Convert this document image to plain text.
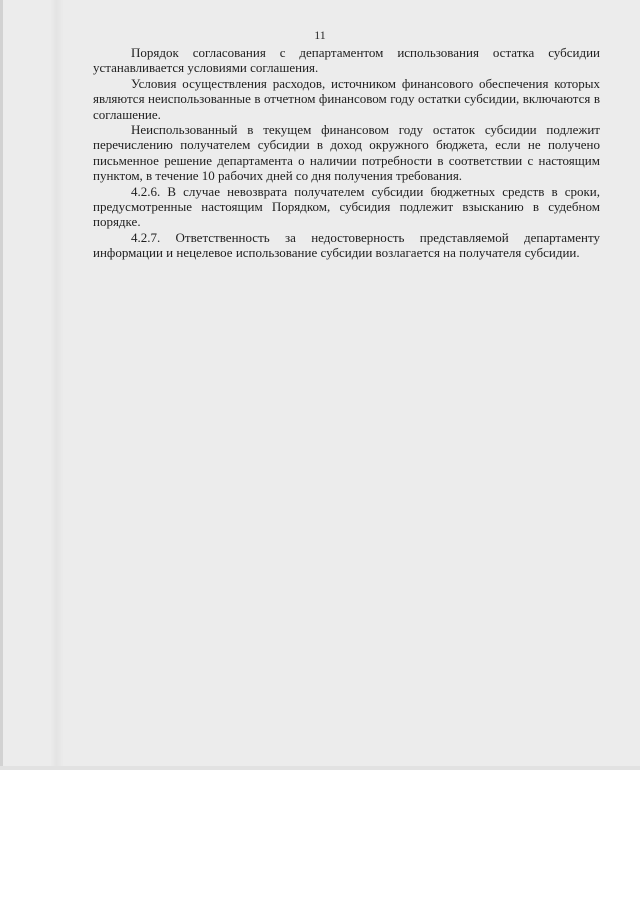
11

Порядок согласования с департаментом использования остатка субсидии устанавливается условиями соглашения.

Условия осуществления расходов, источником финансового обеспечения которых являются неиспользованные в отчетном финансовом году остатки субсидии, включаются в соглашение.

Неиспользованный в текущем финансовом году остаток субсидии подлежит перечислению получателем субсидии в доход окружного бюджета, если не получено письменное решение департамента о наличии потребности в соответствии с настоящим пунктом, в течение 10 рабочих дней со дня получения требования.

4.2.6. В случае невозврата получателем субсидии бюджетных средств в сроки, предусмотренные настоящим Порядком, субсидия подлежит взысканию в судебном порядке.

4.2.7. Ответственность за недостоверность представляемой департаменту информации и нецелевое использование субсидии возлагается на получателя субсидии.
